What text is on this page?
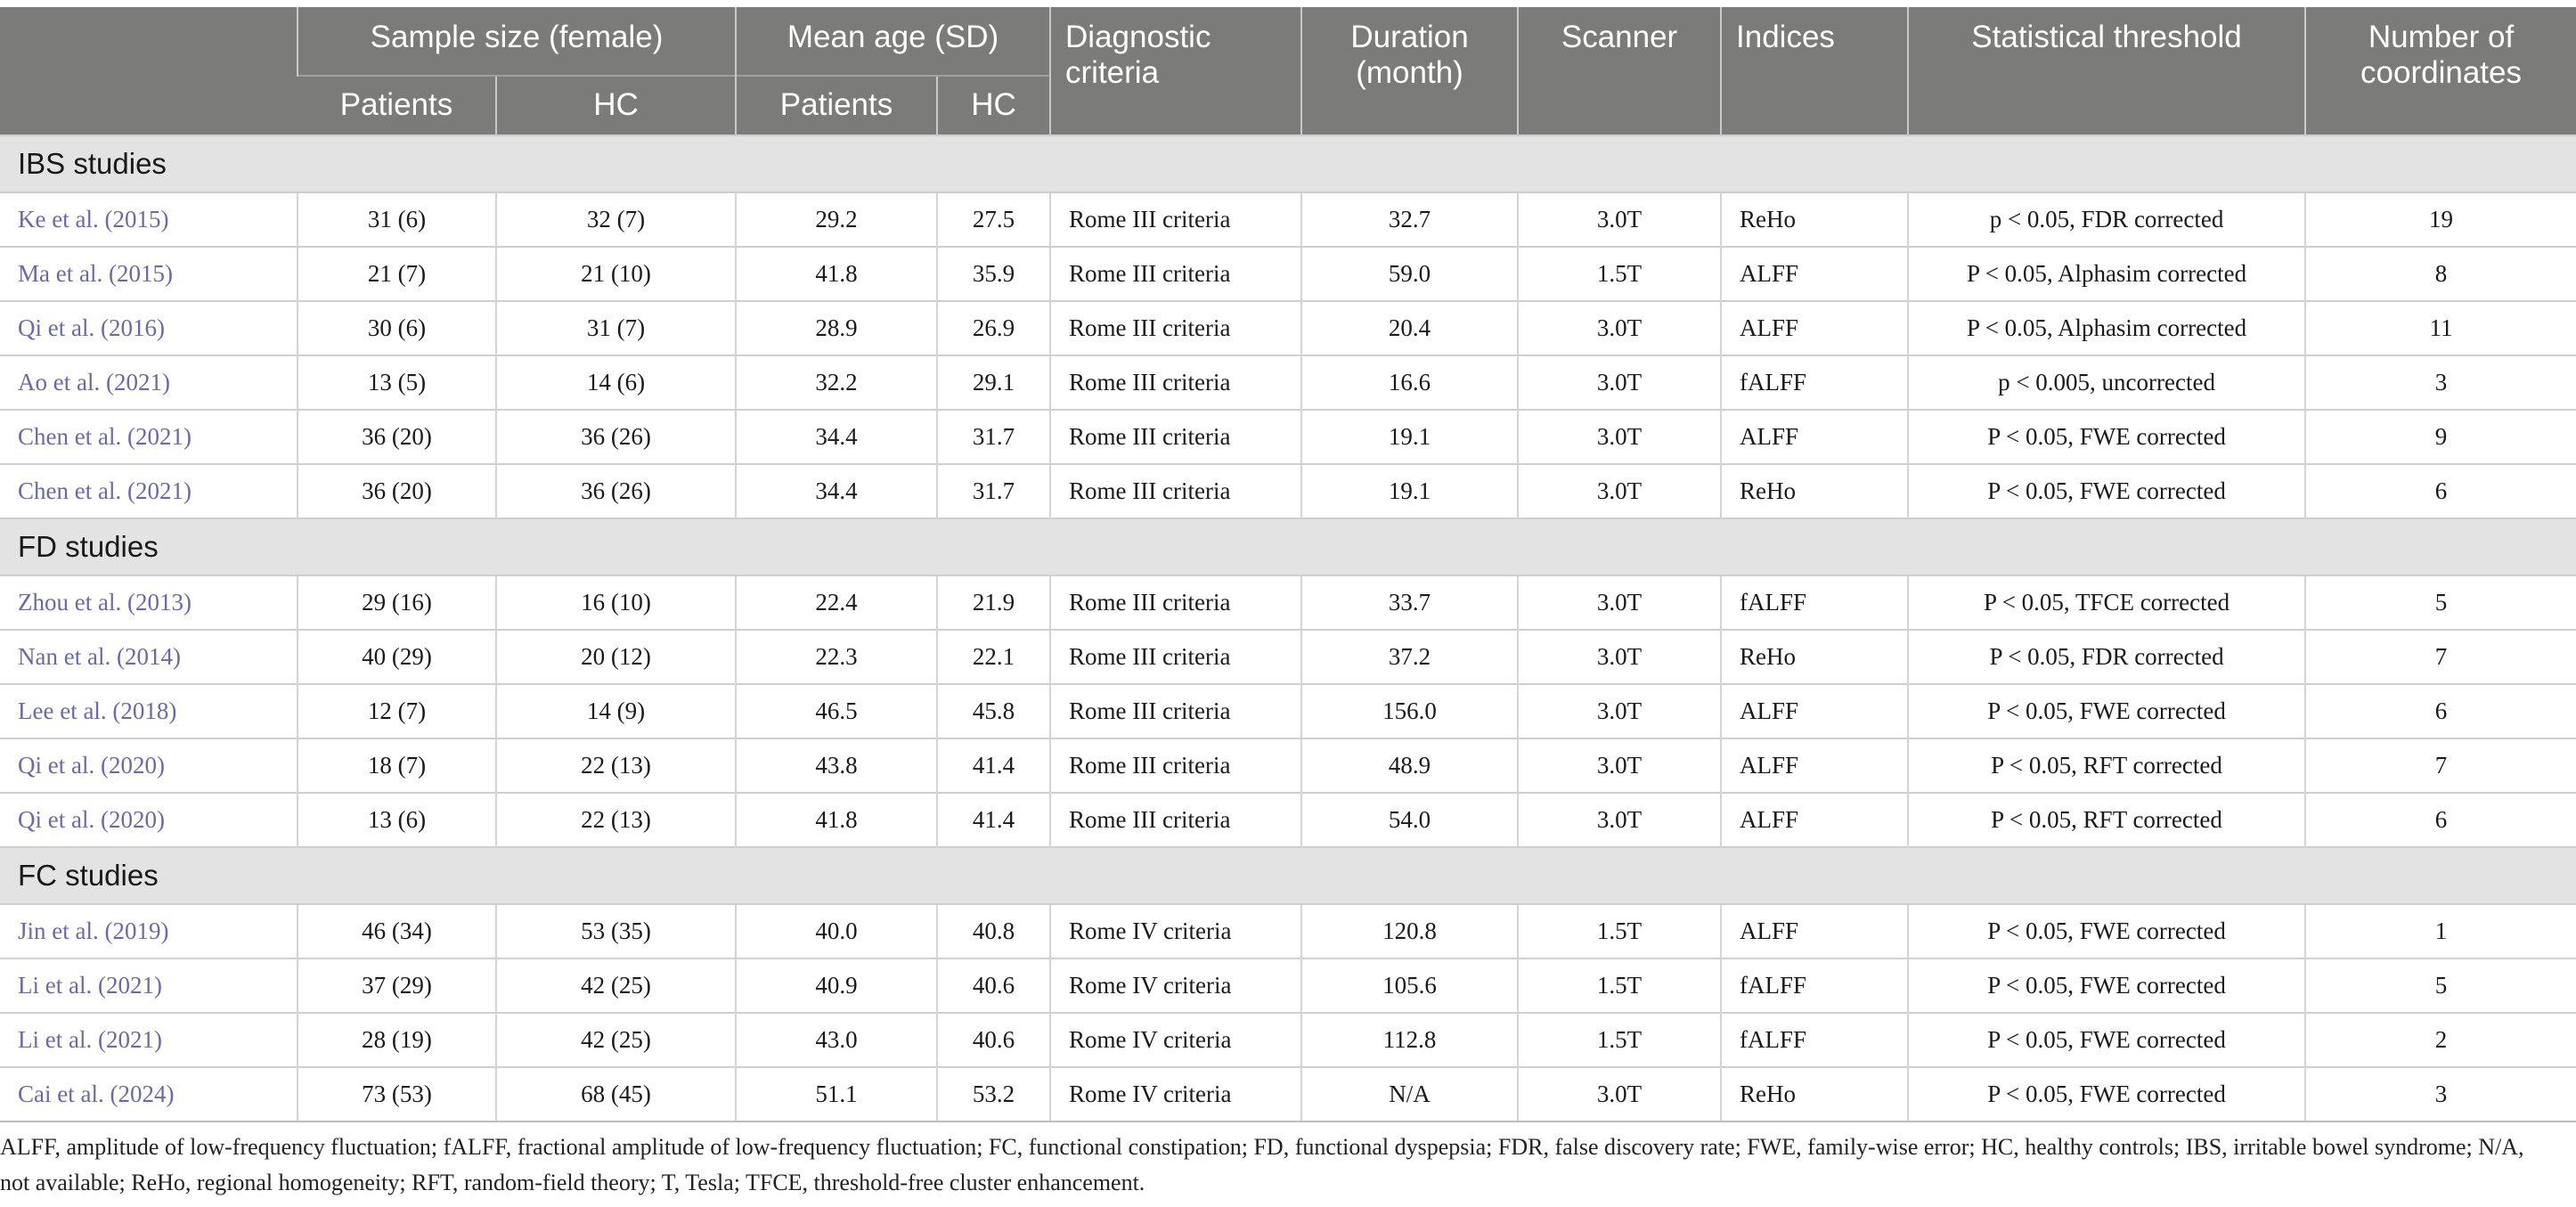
	Sample size (female)		Mean age (SD)		Diagnostic criteria	Duration (month)	Scanner	Indices	Statistical threshold	Number of coordinates
	Patients	HC	Patients	HC						
IBS studies										
Ke et al. (2015)	31 (6)	32 (7)	29.2	27.5	Rome III criteria	32.7	3.0T	ReHo	p < 0.05, FDR corrected	19
Ma et al. (2015)	21 (7)	21 (10)	41.8	35.9	Rome III criteria	59.0	1.5T	ALFF	P < 0.05, Alphasim corrected	8
Qi et al. (2016)	30 (6)	31 (7)	28.9	26.9	Rome III criteria	20.4	3.0T	ALFF	P < 0.05, Alphasim corrected	11
Ao et al. (2021)	13 (5)	14 (6)	32.2	29.1	Rome III criteria	16.6	3.0T	fALFF	p < 0.005, uncorrected	3
Chen et al. (2021)	36 (20)	36 (26)	34.4	31.7	Rome III criteria	19.1	3.0T	ALFF	P < 0.05, FWE corrected	9
Chen et al. (2021)	36 (20)	36 (26)	34.4	31.7	Rome III criteria	19.1	3.0T	ReHo	P < 0.05, FWE corrected	6
FD studies										
Zhou et al. (2013)	29 (16)	16 (10)	22.4	21.9	Rome III criteria	33.7	3.0T	fALFF	P < 0.05, TFCE corrected	5
Nan et al. (2014)	40 (29)	20 (12)	22.3	22.1	Rome III criteria	37.2	3.0T	ReHo	P < 0.05, FDR corrected	7
Lee et al. (2018)	12 (7)	14 (9)	46.5	45.8	Rome III criteria	156.0	3.0T	ALFF	P < 0.05, FWE corrected	6
Qi et al. (2020)	18 (7)	22 (13)	43.8	41.4	Rome III criteria	48.9	3.0T	ALFF	P < 0.05, RFT corrected	7
Qi et al. (2020)	13 (6)	22 (13)	41.8	41.4	Rome III criteria	54.0	3.0T	ALFF	P < 0.05, RFT corrected	6
FC studies										
Jin et al. (2019)	46 (34)	53 (35)	40.0	40.8	Rome IV criteria	120.8	1.5T	ALFF	P < 0.05, FWE corrected	1
Li et al. (2021)	37 (29)	42 (25)	40.9	40.6	Rome IV criteria	105.6	1.5T	fALFF	P < 0.05, FWE corrected	5
Li et al. (2021)	28 (19)	42 (25)	43.0	40.6	Rome IV criteria	112.8	1.5T	fALFF	P < 0.05, FWE corrected	2
Cai et al. (2024)	73 (53)	68 (45)	51.1	53.2	Rome IV criteria	N/A	3.0T	ReHo	P < 0.05, FWE corrected	3
ALFF, amplitude of low-frequency fluctuation; fALFF, fractional amplitude of low-frequency fluctuation; FC, functional constipation; FD, functional dyspepsia; FDR, false discovery rate; FWE, family-wise error; HC, healthy controls; IBS, irritable bowel syndrome; N/A, not available; ReHo, regional homogeneity; RFT, random-field theory; T, Tesla; TFCE, threshold-free cluster enhancement.
